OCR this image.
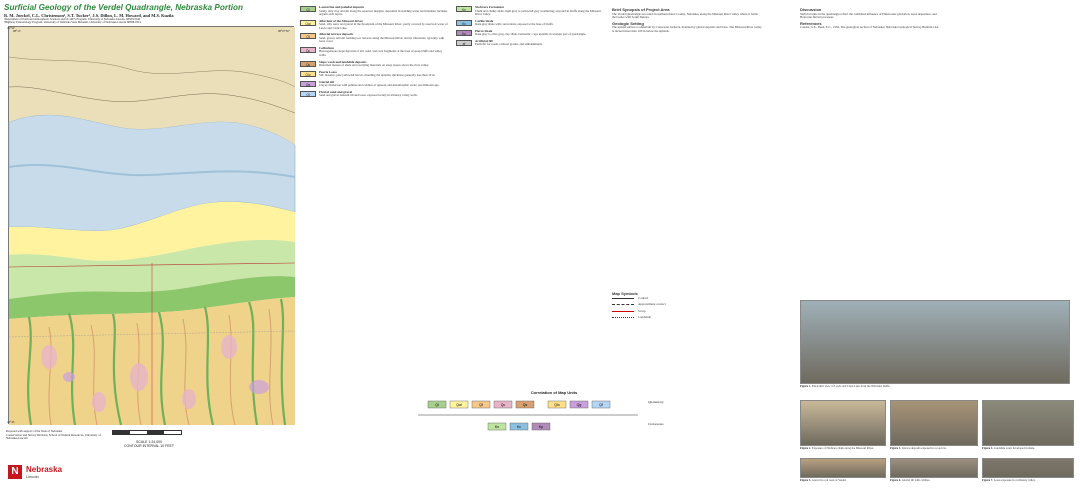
Surficial Geology of the Verdel Quadrangle, Nebraska Portion
R. M. Joeckel, C.L. Christenson¹, S.T. Tucker², J.S. Dillon, L. M. Howard, and M.S. Kuzila
¹Department of Earth and Atmospheric Sciences and UC-RES Program, University of Nebraska-Lincoln, 68583-0340
²Highway Paleontology Program, University of Nebraska State Museum, University of Nebraska-Lincoln 68588-0514
42°50'
42°45'
98°15'	98°07'30"
Prepared with support of the State of Nebraska
Conservation and Survey Division, School of Natural Resources, University of Nebraska-Lincoln
SCALE 1:24,000
CONTOUR INTERVAL 10 FEET
N Nebraska
Lincoln
Ql
Lacustrine and paludal deposits
Sandy, silty clay and silt along the reservoir margins, deposited in standing water and marshes; includes organic-rich layers.
Qal
Alluvium of the Missouri River
Sand, silty sand, and gravel in the floodplain of the Missouri River; partly covered by reservoir water of Lewis and Clark Lake.
Qt
Alluvial terrace deposits
Sand, gravel, and silt forming low terraces along the Missouri River and its tributaries, typically with loess cover.
Qc
Colluvium
Heterogeneous slope deposits of silt, sand, and rock fragments at the base of steep bluffs and valley walls.
Qs
Slope wash and landslide deposits
Disturbed masses of shale and overlying materials on steep slopes above the river valley.
Qlo
Peoria Loess
Silt, massive, pale yellowish brown, mantling the uplands; thickness generally less than 10 m.
Qg
Glacial till
Clayey diamicton with pebbles and cobbles of igneous and metamorphic rocks; pre-Illinoian age.
Qf
Fluvial sand and gravel
Sand and gravel beneath till and loess, exposed locally in tributary valley walls.
Kn
Niobrara Formation
Chalk and chalky shale, light gray to yellowish gray weathering; exposed in bluffs along the Missouri River valley.
Kc
Carlile Shale
Dark gray shale with concretions; exposed at the base of bluffs.
Kp
Pierre Shale
Dark gray to olive gray clay shale, bentonitic; caps uplands in western part of quadrangle.
af
Artificial fill
Earth fill for roads, railroad grades, and embankments.
Brief Synopsis of Project Area
The Verdel Quadrangle is located in northern Knox County, Nebraska, along the Missouri River valley where it forms the border with South Dakota.
Geologic Setting
The upland surface is underlain by Cretaceous bedrock, mantled by glacial deposits and loess. The Missouri River valley is incised more than 100 m below the uplands.
Discussion
Surficial units in the quadrangle reflect the combined influence of Pleistocene glaciation, loess deposition, and Holocene fluvial processes.
References
Condra, G.E., Reed, E.C., 1959, The geological section of Nebraska: Nebraska Geological Survey Bulletin 14A.
Map Symbols
Contact
Approximate contact
Scarp
Landslide
Correlation of Map Units
Ql	Qal	Qt	Qc	Qs	Qlo	Qg	Qf
Kn	Kc	Kp
Quaternary
Cretaceous
Figure 1. Panoramic view of Lewis and Clark Lake from the Nebraska bluffs.
Figure 2. Exposure of Niobrara chalk along the Missouri River.	Figure 3. Terrace deposits exposed in a road cut.	Figure 4. Landslide scarp developed in shale.
Figure 5. Gravel in a pit west of Verdel.	Figure 6. Glacial till with cobbles.	Figure 7. Loess exposure in a tributary valley.
